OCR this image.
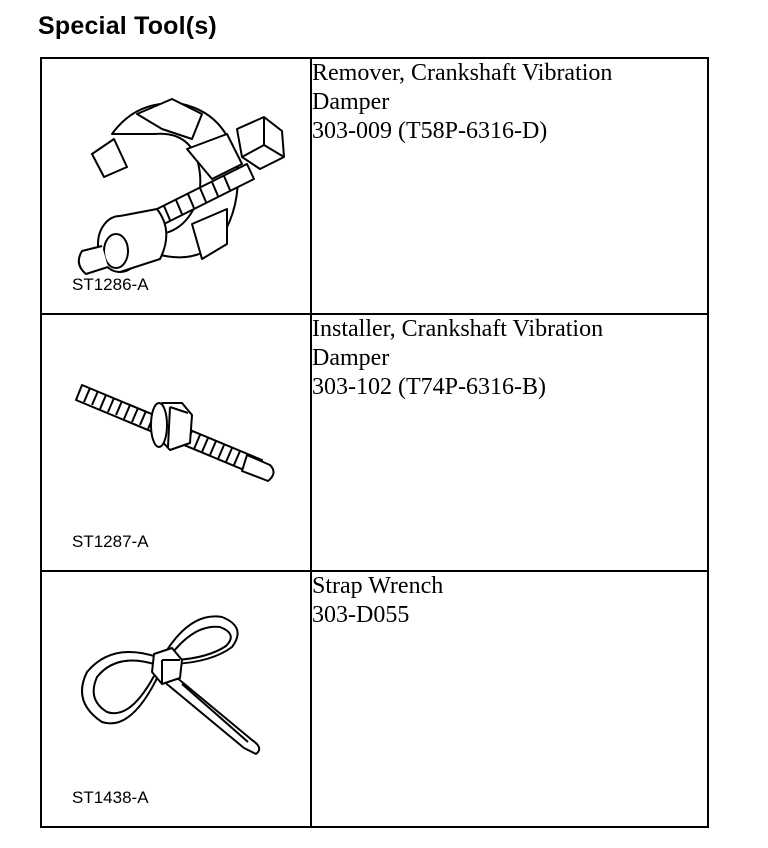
Special Tool(s)
ST1286-A	Remover, Crankshaft Vibration
Damper
303-009 (T58P-6316-D)

ST1287-A	Installer, Crankshaft Vibration
Damper
303-102 (T74P-6316-B)

ST1438-A	Strap Wrench
303-D055
